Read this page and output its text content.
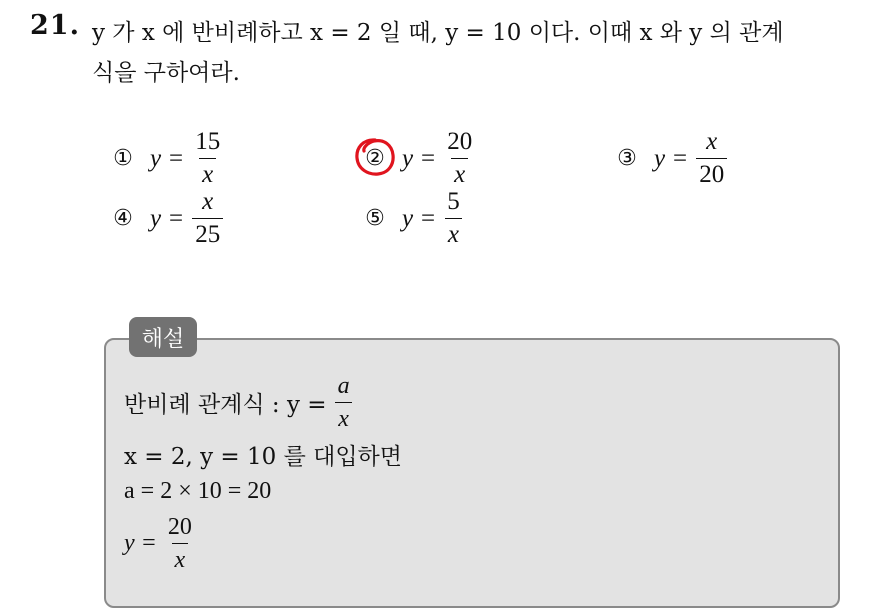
21. y 가 x 에 반비례하고 x = 2 일 때, y = 10 이다. 이때 x 와 y 의 관계
식을 구하여라.
① $y = \frac{15}{x}$	② $y = \frac{20}{x}$	③ $y = \frac{x}{20}$
④ $y = \frac{x}{25}$	⑤ $y = \frac{5}{x}$
해설
반비례 관계식 : $y = \frac{a}{x}$
x = 2, y = 10 를 대입하면
a = 2 × 10 = 20
$y = \frac{20}{x}$
